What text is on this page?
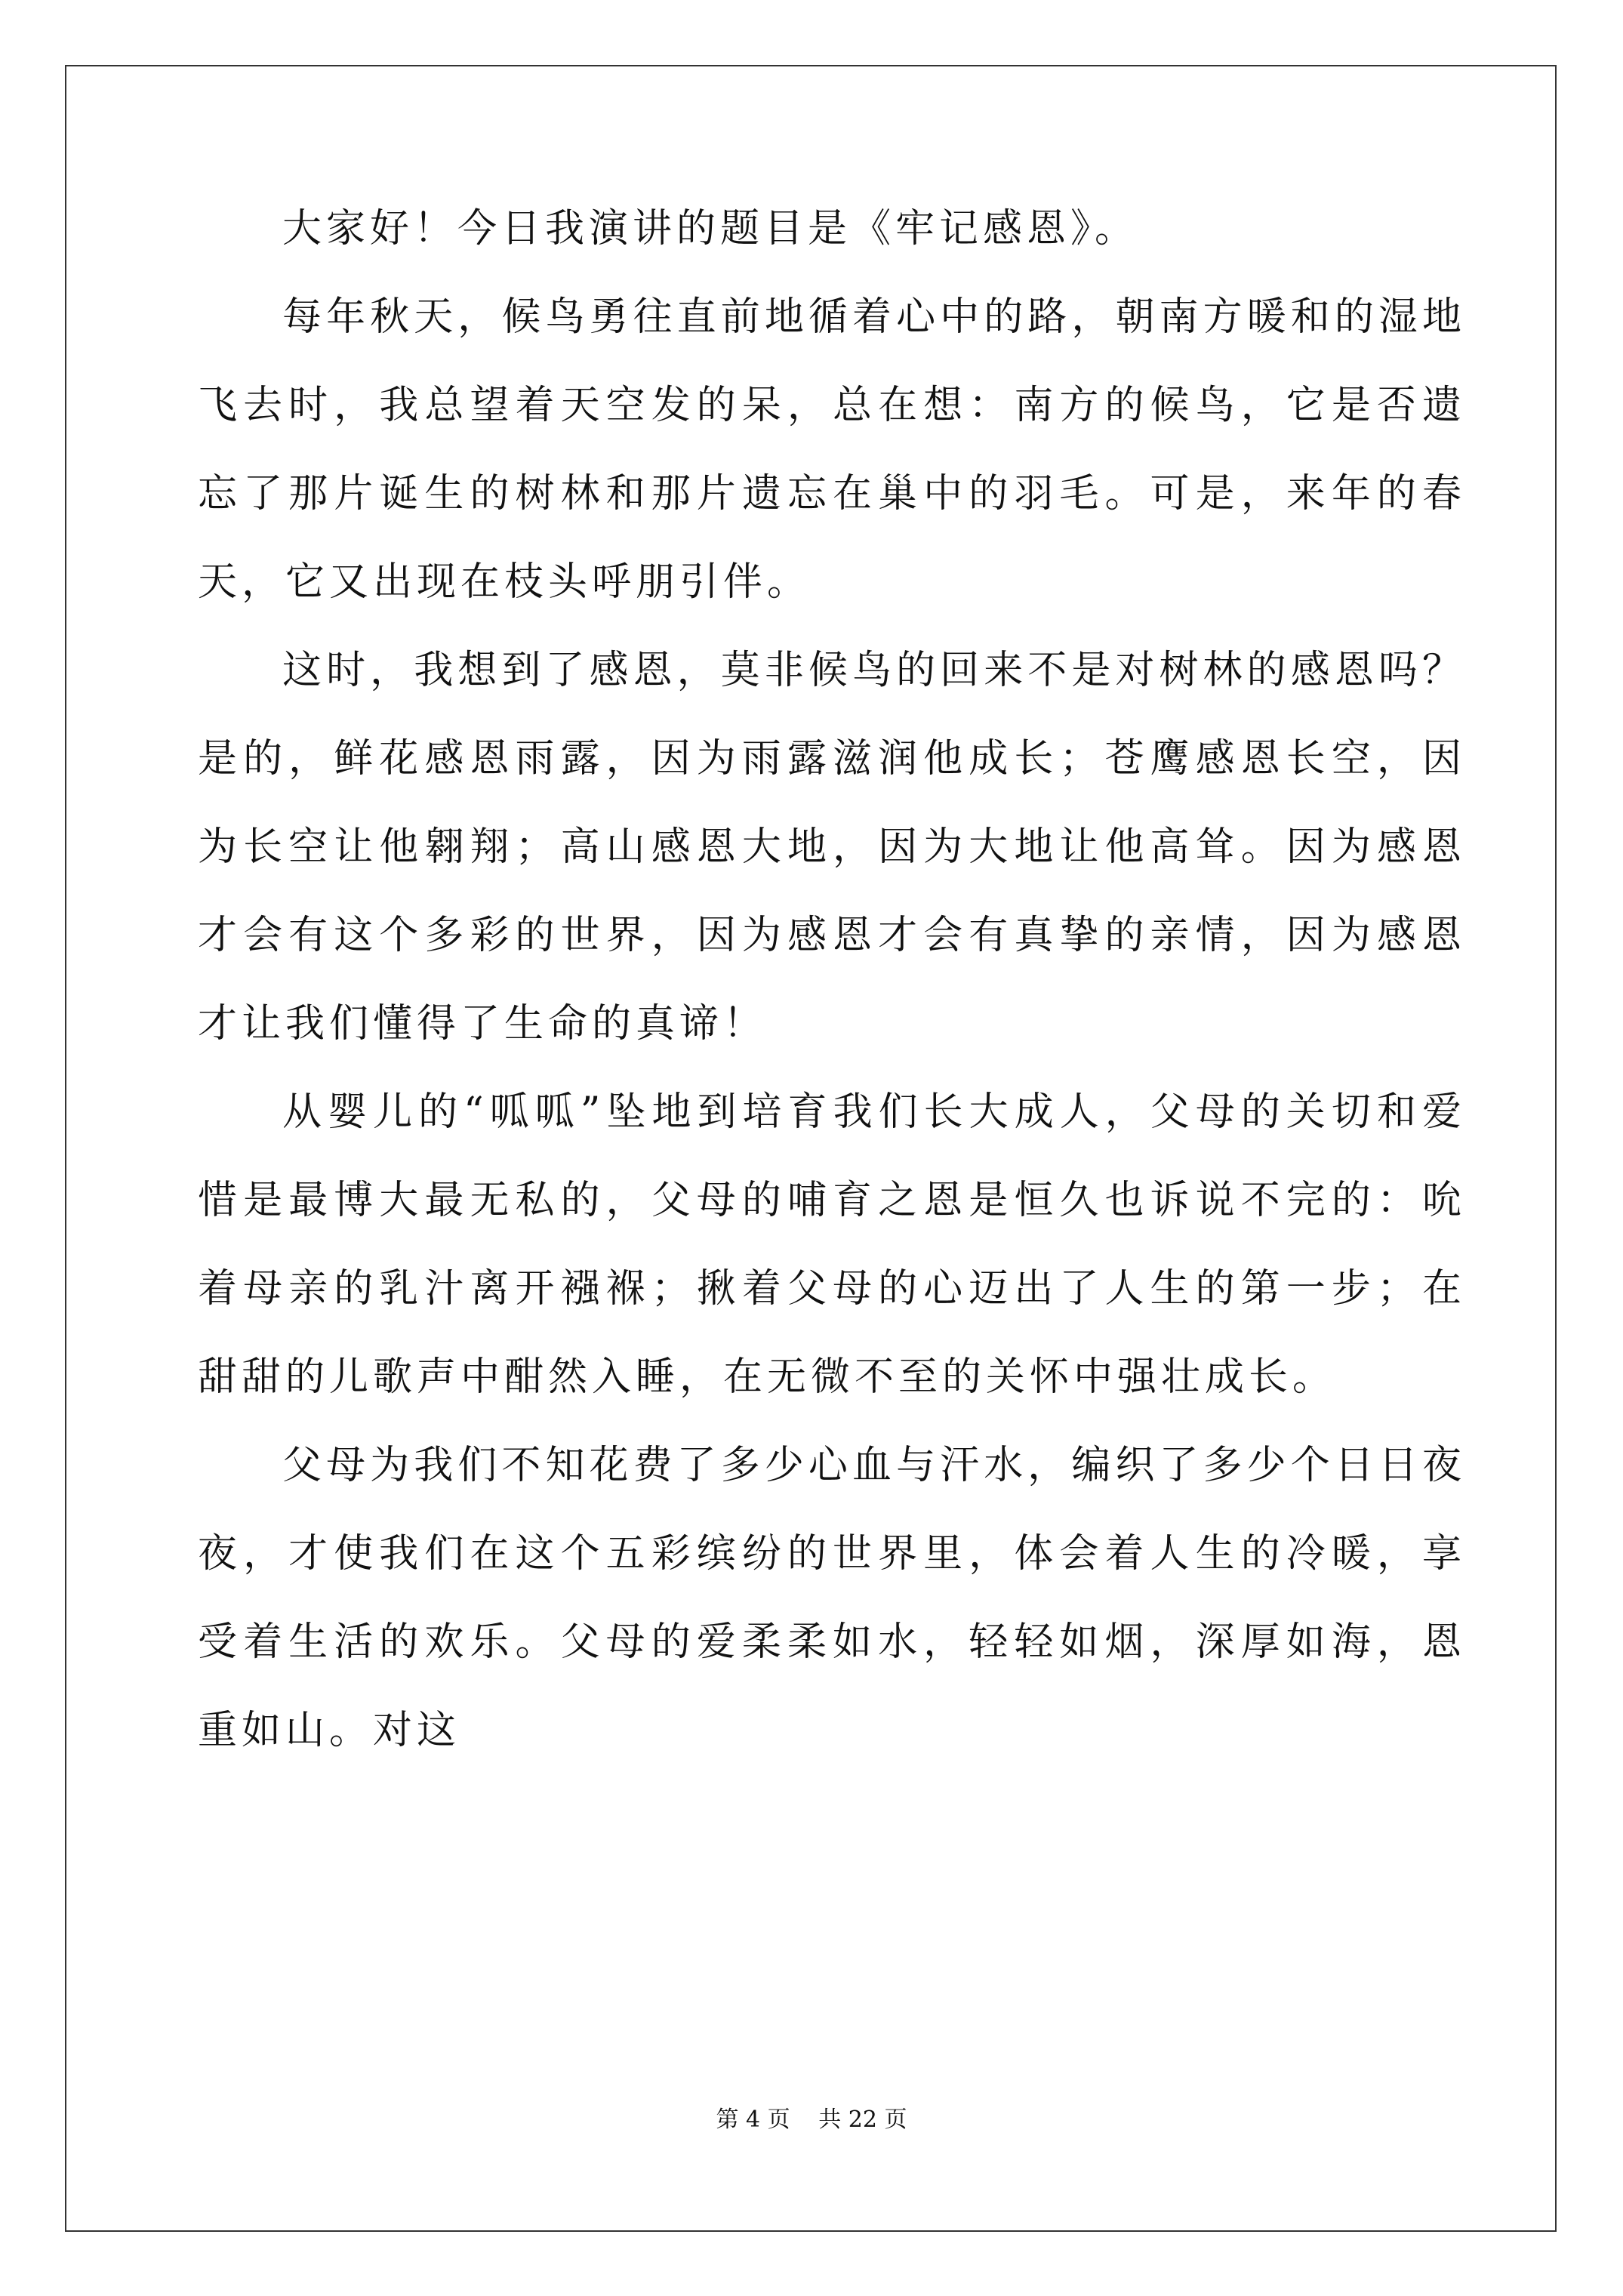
大家好！今日我演讲的题目是《牢记感恩》。

每年秋天，候鸟勇往直前地循着心中的路，朝南方暖和的湿地飞去时，我总望着天空发的呆，总在想：南方的候鸟，它是否遗忘了那片诞生的树林和那片遗忘在巢中的羽毛。可是，来年的春天，它又出现在枝头呼朋引伴。

这时，我想到了感恩，莫非候鸟的回来不是对树林的感恩吗？是的，鲜花感恩雨露，因为雨露滋润他成长；苍鹰感恩长空，因为长空让他翱翔；高山感恩大地，因为大地让他高耸。因为感恩才会有这个多彩的世界，因为感恩才会有真挚的亲情，因为感恩才让我们懂得了生命的真谛！

从婴儿的“呱呱”坠地到培育我们长大成人，父母的关切和爱惜是最博大最无私的，父母的哺育之恩是恒久也诉说不完的：吮着母亲的乳汁离开襁褓；揪着父母的心迈出了人生的第一步；在甜甜的儿歌声中酣然入睡，在无微不至的关怀中强壮成长。

父母为我们不知花费了多少心血与汗水，编织了多少个日日夜夜，才使我们在这个五彩缤纷的世界里，体会着人生的冷暖，享受着生活的欢乐。父母的爱柔柔如水，轻轻如烟，深厚如海，恩重如山。对这

第 4 页 共 22 页
